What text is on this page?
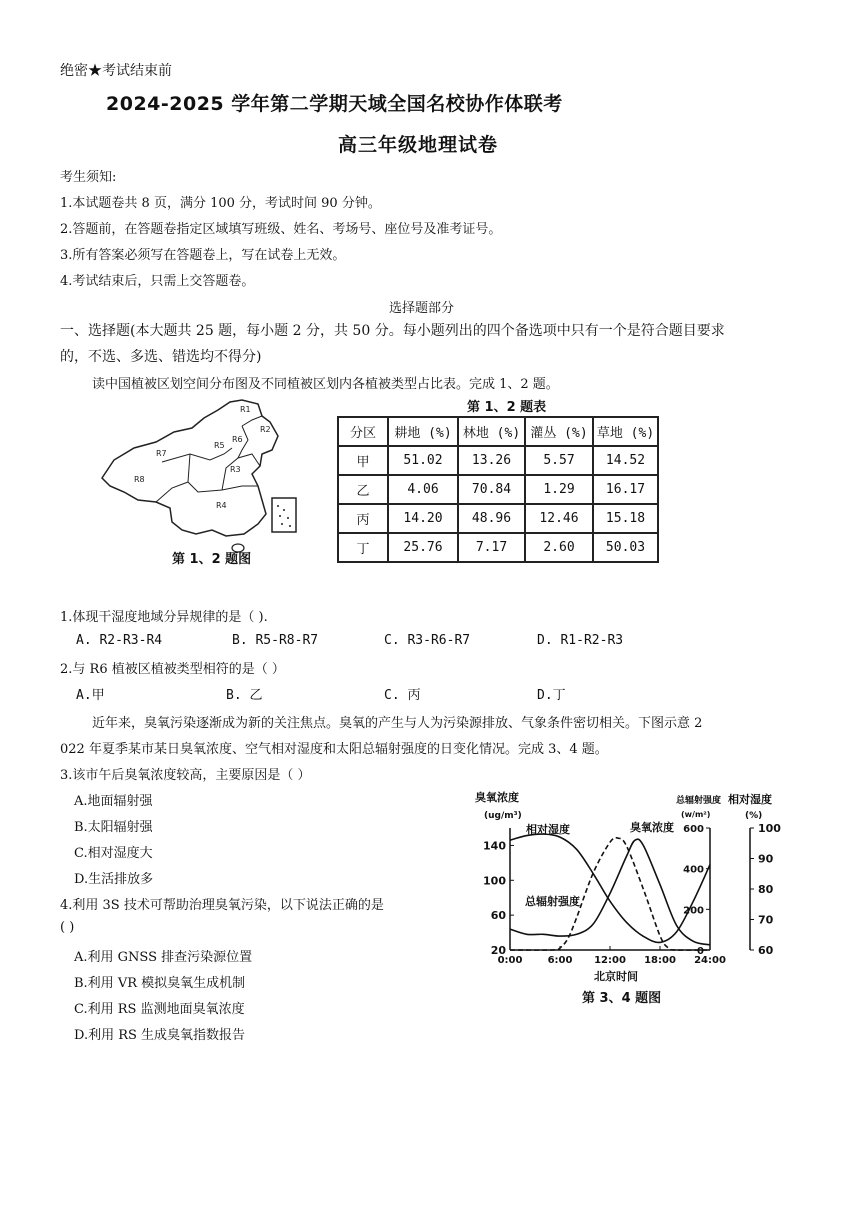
绝密★考试结束前
2024-2025 学年第二学期天域全国名校协作体联考
高三年级地理试卷
考生须知:
1.本试题卷共 8 页，满分 100 分，考试时间 90 分钟。
2.答题前，在答题卷指定区域填写班级、姓名、考场号、座位号及准考证号。
3.所有答案必须写在答题卷上，写在试卷上无效。
4.考试结束后，只需上交答题卷。
选择题部分
一、选择题(本大题共 25 题，每小题 2 分，共 50 分。每小题列出的四个备选项中只有一个是符合题目要求
的，不选、多选、错选均不得分)
读中国植被区划空间分布图及不同植被区划内各植被类型占比表。完成 1、2 题。
R1
R2
R3
R4
R5
R6
R7
R8
第 1、2 题图
第 1、2 题表
分区	耕地 (%)	林地 (%)	灌丛 (%)	草地 (%)
甲	51.02	13.26	5.57	14.52
乙	4.06	70.84	1.29	16.17
丙	14.20	48.96	12.46	15.18
丁	25.76	7.17	2.60	50.03
1.体现干湿度地域分异规律的是（ ).
A. R2-R3-R4	B. R5-R8-R7	C. R3-R6-R7	D. R1-R2-R3
2.与 R6 植被区植被类型相符的是（ ）
A.甲	B. 乙	C. 丙	D.丁
近年来，臭氧污染逐渐成为新的关注焦点。臭氧的产生与人为污染源排放、气象条件密切相关。下图示意 2
022 年夏季某市某日臭氧浓度、空气相对湿度和太阳总辐射强度的日变化情况。完成 3、4 题。
3.该市午后臭氧浓度较高，主要原因是（ ）
A.地面辐射强
B.太阳辐射强
C.相对湿度大
D.生活排放多
4.利用 3S 技术可帮助治理臭氧污染，以下说法正确的是
( )
A.利用 GNSS 排查污染源位置
B.利用 VR 模拟臭氧生成机制
C.利用 RS 监测地面臭氧浓度
D.利用 RS 生成臭氧指数报告
臭氧浓度
(ug/m³)
总辐射强度
(w/m²)
相对湿度
(%)
0:00	6:00 12:00 18:00 24:00
20
60
100
140
0
200
400
600
60
70
80
90
100
相对湿度	臭氧浓度
总辐射强度
北京时间
第 3、4 题图
